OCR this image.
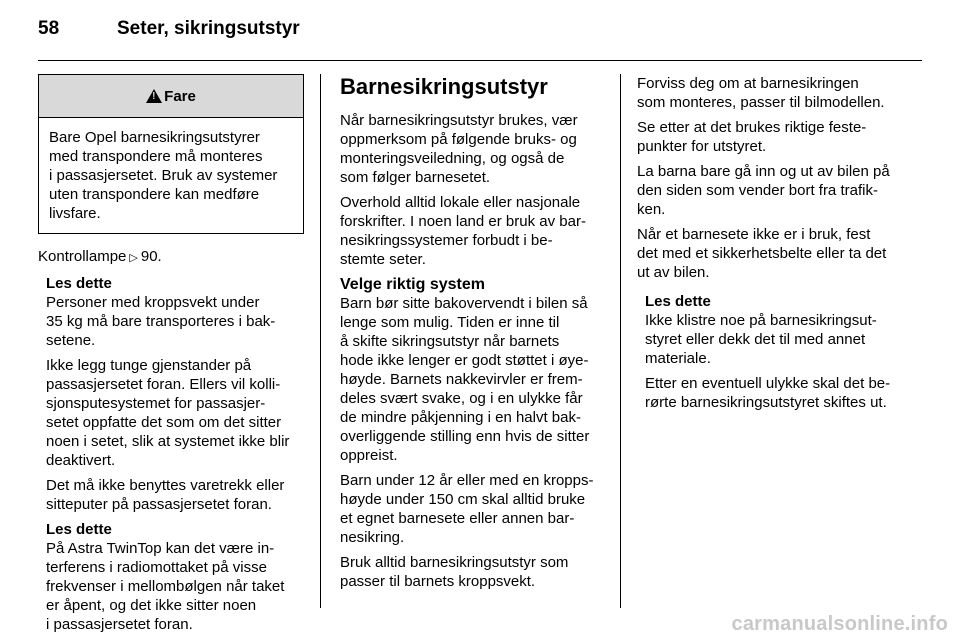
58	Seter, sikringsutstyr
!
Fare
Bare Opel barnesikringsutstyrer
med transpondere må monteres
i passasjersetet. Bruk av systemer
uten transpondere kan medføre
livsfare.

Kontrollampe▷ 90.

Les dette

Personer med kroppsvekt under
35 kg må bare transporteres i bak-
setene.

Ikke legg tunge gjenstander på
passasjersetet foran. Ellers vil kolli-
sjonsputesystemet for passasjer-
setet oppfatte det som om det sitter
noen i setet, slik at systemet ikke blir
deaktivert.

Det må ikke benyttes varetrekk eller
sitteputer på passasjersetet foran.

Les dette

På Astra TwinTop kan det være in-
terferens i radiomottaket på visse
frekvenser i mellombølgen når taket
er åpent, og det ikke sitter noen
i passasjersetet foran.

Barnesikringsutstyr

Når barnesikringsutstyr brukes, vær
oppmerksom på følgende bruks- og
monteringsveiledning, og også de
som følger barnesetet.

Overhold alltid lokale eller nasjonale
forskrifter. I noen land er bruk av bar-
nesikringssystemer forbudt i be-
stemte seter.

Velge riktig system

Barn bør sitte bakovervendt i bilen så
lenge som mulig. Tiden er inne til
å skifte sikringsutstyr når barnets
hode ikke lenger er godt støttet i øye-
høyde. Barnets nakkevirvler er frem-
deles svært svake, og i en ulykke får
de mindre påkjenning i en halvt bak-
overliggende stilling enn hvis de sitter
oppreist.

Barn under 12 år eller med en kropps-
høyde under 150 cm skal alltid bruke
et egnet barnesete eller annen bar-
nesikring.

Bruk alltid barnesikringsutstyr som
passer til barnets kroppsvekt.

Forviss deg om at barnesikringen
som monteres, passer til bilmodellen.

Se etter at det brukes riktige feste-
punkter for utstyret.

La barna bare gå inn og ut av bilen på
den siden som vender bort fra trafik-
ken.

Når et barnesete ikke er i bruk, fest
det med et sikkerhetsbelte eller ta det
ut av bilen.

Les dette

Ikke klistre noe på barnesikringsut-
styret eller dekk det til med annet
materiale.

Etter en eventuell ulykke skal det be-
rørte barnesikringsutstyret skiftes ut.

carmanualsonline.info
